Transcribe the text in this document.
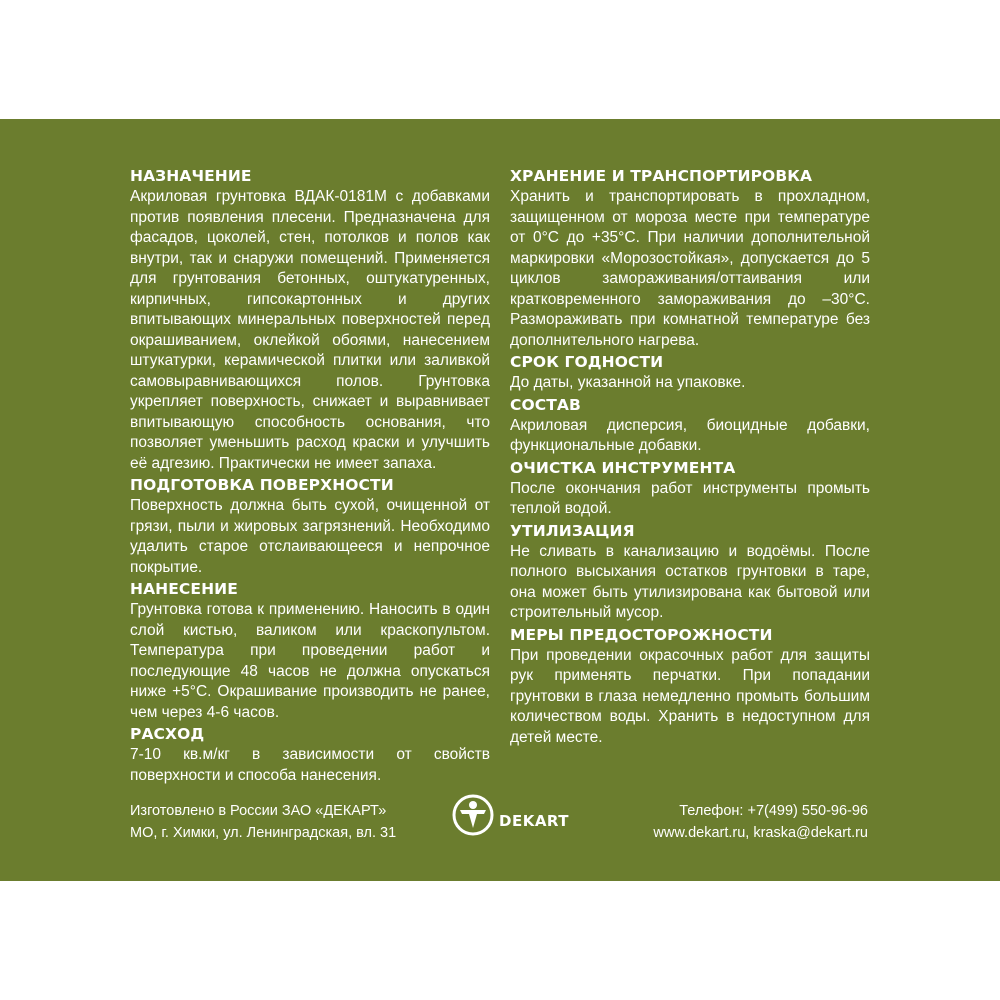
НАЗНАЧЕНИЕ

Акриловая грунтовка ВДАК-0181М с добавками против появления плесени. Предназначена для фасадов, цоколей, стен, потолков и полов как внутри, так и снаружи помещений. Применяется для грунтования бетонных, оштукатуренных, кирпичных, гипсокартонных и других впитывающих минеральных поверхностей перед окрашиванием, оклейкой обоями, нанесением штукатурки, керамической плитки или заливкой самовыравнивающихся полов. Грунтовка укрепляет поверхность, снижает и выравнивает впитывающую способность основания, что позволяет уменьшить расход краски и улучшить её адгезию. Практически не имеет запаха.

ПОДГОТОВКА ПОВЕРХНОСТИ

Поверхность должна быть сухой, очищенной от грязи, пыли и жировых загрязнений. Необходимо удалить старое отслаивающееся и непрочное покрытие.

НАНЕСЕНИЕ

Грунтовка готова к применению. Наносить в один слой кистью, валиком или краскопультом. Температура при проведении работ и последующие 48 часов не должна опускаться ниже +5°С. Окрашивание производить не ранее, чем через 4-6 часов.

РАСХОД

7-10 кв.м/кг в зависимости от свойств поверхности и способа нанесения.

ХРАНЕНИЕ И ТРАНСПОРТИРОВКА

Хранить и транспортировать в прохладном, защищенном от мороза месте при температуре от 0°С до +35°С. При наличии дополнительной маркировки «Морозостойкая», допускается до 5 циклов замораживания/оттаивания или кратковременного замораживания до –30°С. Размораживать при комнатной температуре без дополнительного нагрева.

СРОК ГОДНОСТИ

До даты, указанной на упаковке.

СОСТАВ

Акриловая дисперсия, биоцидные добавки, функциональные добавки.

ОЧИСТКА ИНСТРУМЕНТА

После окончания работ инструменты промыть теплой водой.

УТИЛИЗАЦИЯ

Не сливать в канализацию и водоёмы. После полного высыхания остатков грунтовки в таре, она может быть утилизирована как бытовой или строительный мусор.

МЕРЫ ПРЕДОСТОРОЖНОСТИ

При проведении окрасочных работ для защиты рук применять перчатки. При попадании грунтовки в глаза немедленно промыть большим количеством воды. Хранить в недоступном для детей месте.

Изготовлено в России ЗАО «ДЕКАРТ»
МО, г. Химки, ул. Ленинградская, вл. 31
DEKART
Телефон: +7(499) 550-96-96
www.dekart.ru, kraska@dekart.ru
